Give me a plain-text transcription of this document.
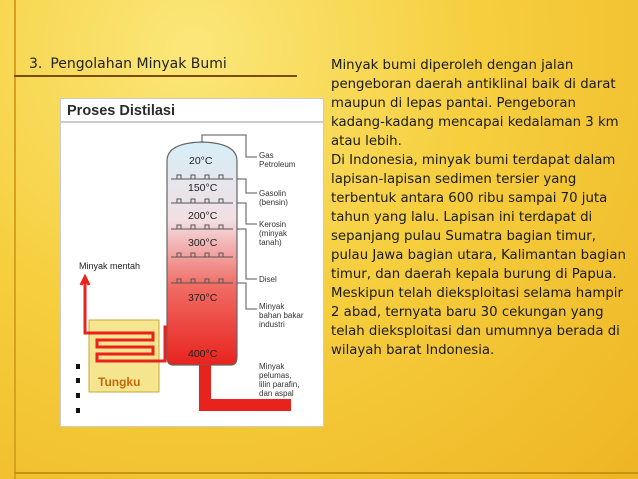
3. Pengolahan Minyak Bumi	Minyak bumi diperoleh dengan jalan pengeboran daerah antiklinal baik di darat maupun di lepas pantai. Pengeboran kadang-kadang mencapai kedalaman 3 km atau lebih.

Di Indonesia, minyak bumi terdapat dalam lapisan-lapisan sedimen tersier yang terbentuk antara 600 ribu sampai 70 juta tahun yang lalu. Lapisan ini terdapat di sepanjang pulau Sumatra bagian timur, pulau Jawa bagian utara, Kalimantan bagian timur, dan daerah kepala burung di Papua. Meskipun telah dieksploitasi selama hampir 2 abad, ternyata baru 30 cekungan yang telah dieksploitasi dan umumnya berada di wilayah barat Indonesia.

Proses Distilasi
20°C
150°C
200°C
300°C
370°C
400°C
Gas
Petroleum
Gasolin
(bensin)
Kerosin
(minyak
tanah)
Disel
Minyak
bahan bakar
industri
Minyak
pelumas,
lilin parafin,
dan aspal
Minyak mentah
Tungku
